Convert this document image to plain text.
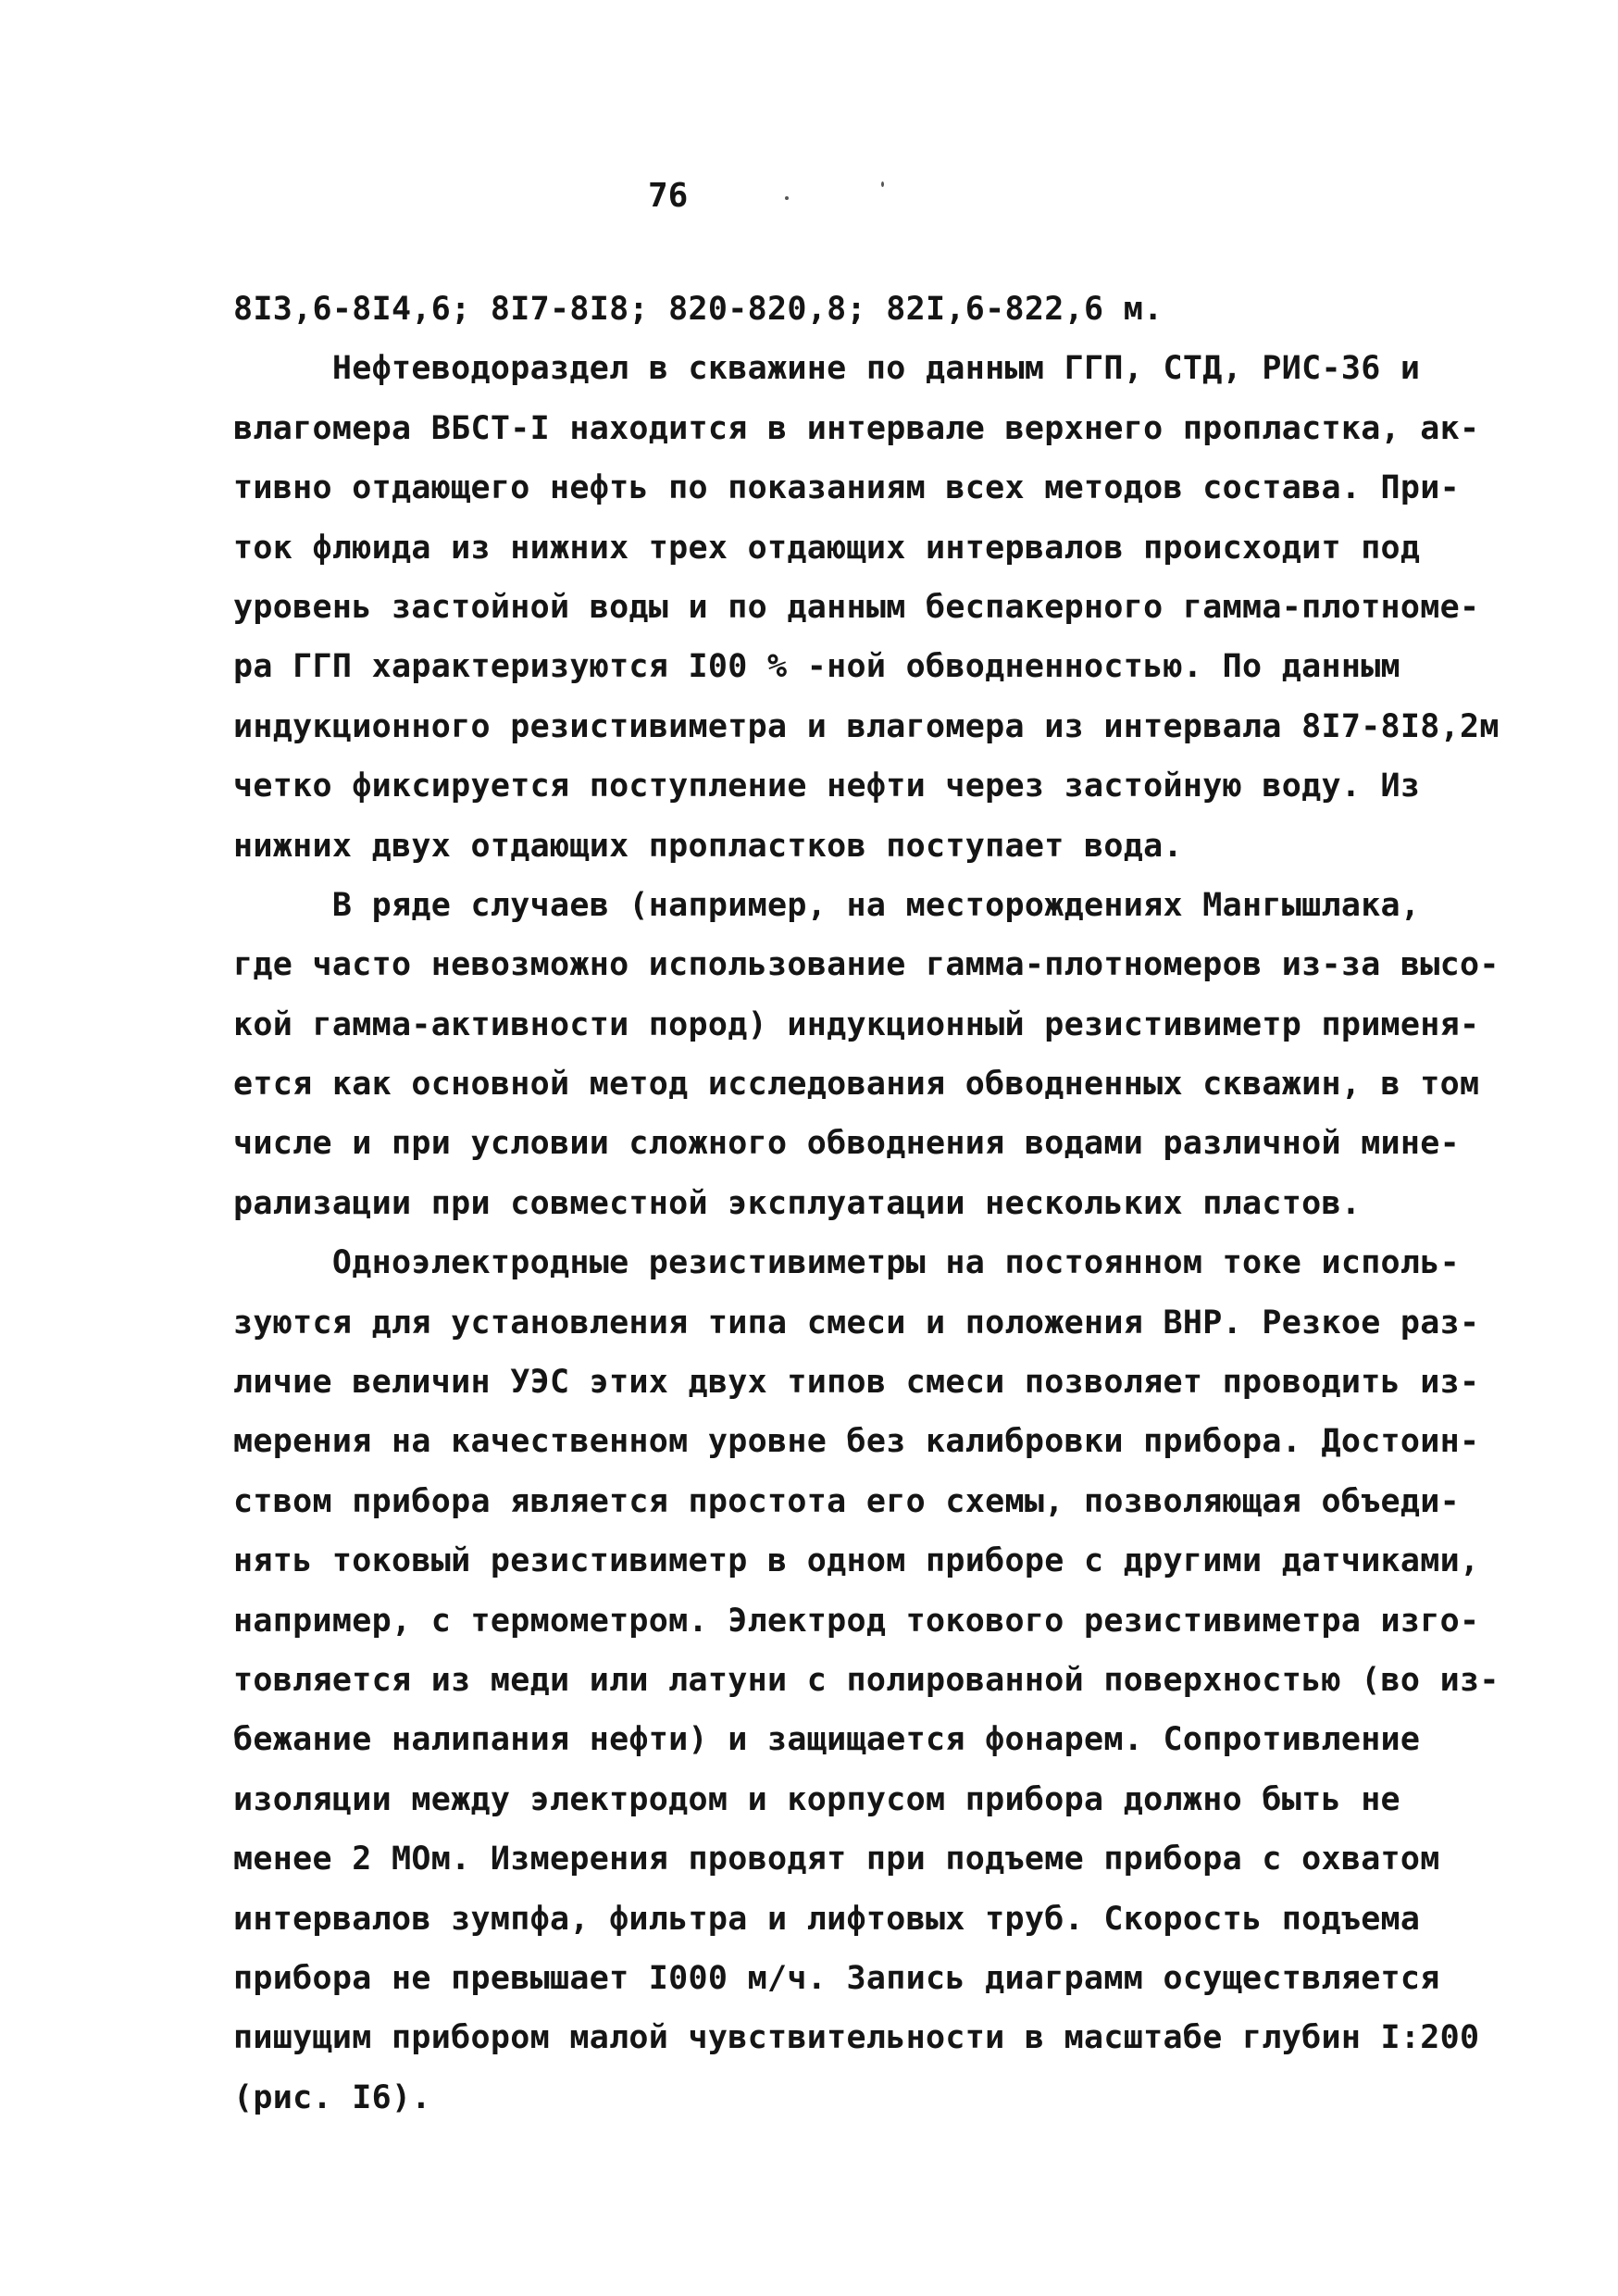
76
8I3,6-8I4,6; 8I7-8I8; 820-820,8; 82I,6-822,6 м.
Нефтеводораздел в скважине по данным ГГП, СТД, РИС-36 и
влагомера ВБСТ-I находится в интервале верхнего пропластка, ак-
тивно отдающего нефть по показаниям всех методов состава. При-
ток флюида из нижних трех отдающих интервалов происходит под
уровень застойной воды и по данным беспакерного гамма-плотноме-
ра ГГП характеризуются I00 % -ной обводненностью. По данным
индукционного резистивиметра и влагомера из интервала 8I7-8I8,2м
четко фиксируется поступление нефти через застойную воду. Из
нижних двух отдающих пропластков поступает вода.
В ряде случаев (например, на месторождениях Мангышлака,
где часто невозможно использование гамма-плотномеров из-за высо-
кой гамма-активности пород) индукционный резистивиметр применя-
ется как основной метод исследования обводненных скважин, в том
числе и при условии сложного обводнения водами различной мине-
рализации при совместной эксплуатации нескольких пластов.
Одноэлектродные резистивиметры на постоянном токе исполь-
зуются для установления типа смеси и положения ВНР. Резкое раз-
личие величин УЭС этих двух типов смеси позволяет проводить из-
мерения на качественном уровне без калибровки прибора. Достоин-
ством прибора является простота его схемы, позволяющая объеди-
нять токовый резистивиметр в одном приборе с другими датчиками,
например, с термометром. Электрод токового резистивиметра изго-
товляется из меди или латуни с полированной поверхностью (во из-
бежание налипания нефти) и защищается фонарем. Сопротивление
изоляции между электродом и корпусом прибора должно быть не
менее 2 МОм. Измерения проводят при подъеме прибора с охватом
интервалов зумпфа, фильтра и лифтовых труб. Скорость подъема
прибора не превышает I000 м/ч. Запись диаграмм осуществляется
пишущим прибором малой чувствительности в масштабе глубин I:200
(рис. I6).
